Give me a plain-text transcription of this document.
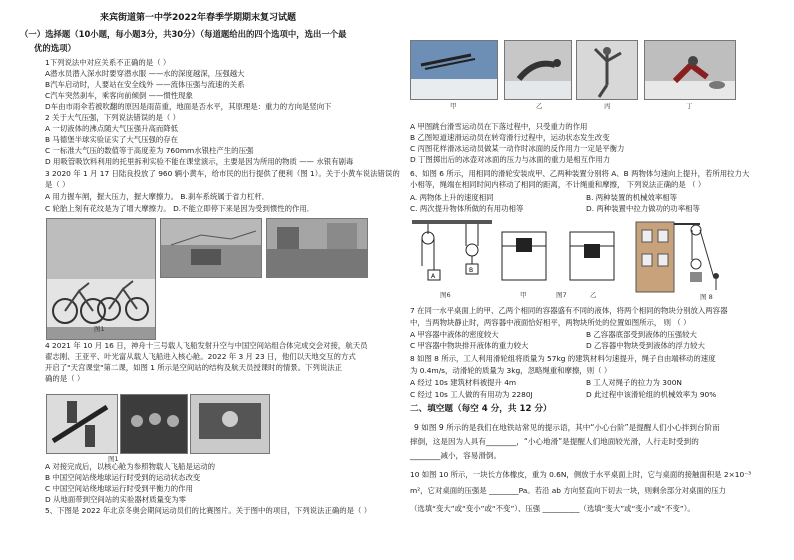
来宾街道第一中学2022年春季学期期末复习试题
（一）选择题（10小题，每小题3分，共30分）（每道题给出的四个选项中，选出一个最
优的选项）
1下列说法中对应关系不正确的是（ ）
A潜水员潜入深水时要穿潜水服 ——水的深度越深，压强越大
B汽车启动时，人要站在安全线外 ——流体压强与流速的关系
C汽车突然刹车，乘客向前倾倒 ——惯性现象
D车由市雨伞若被吹翻的原因是雨苗重，地面是否水平，其原理是：重力的方向是竖向下
2 关于大气压强，下列说法错误的是（ ）
A 一切液体的沸点随大气压强升高而降低
B 马德堡半球实验证实了大气压强的存在
C 一标准大气压的数值等于高度差为 760mm水银柱产生的压强
D 用吸管吸饮料利用的托里拆利实验不能在课堂演示，主要是因为所用的物质 —— 水银有剧毒
3 2020 年 1 月 17 日陆良投放了 960 辆小黄车，给市民的出行提供了便利（图 1）。关于小黄车说法错误的
是（ ）
A 用力握车闸，握大压力，握大摩擦力。 B.刹车系统属于省力杠杆．
C 轮胎上刻有花纹是为了增大摩擦力。 D.不能立即停下来是因为受到惯性的作用．
图1
4 2021 年 10 月 16 日，神舟十三号载人飞船发射升空与中国空间站组合体完成交会对接，航天员
翟志刚、王亚平、叶光富从载人飞船进入核心舱。2022 年 3 月 23 日，他们以天地交互的方式
开启了"天宫课堂"第二课，如图 1 所示是空间站的结构及航天员授课时的情景。下列说法正
确的是（ ）
图1
A 对接完成后，以核心舱为参照物载人飞船是运动的
B 中国空间站绕地球运行时受到的运动状态改变
C 中国空间站绕地球运行时受到平衡力的作用
D 从地面带到空间站的实验器材质量变为零
5、下图是 2022 年北京冬奥会期间运动员们的比赛图片。关于图中的项目，下列说法正确的是（ ）
甲	乙	丙	丁
A 甲图跳台滑雪运动员在下落过程中，只受重力的作用
B 乙图短道速滑运动员在转弯滑行过程中，运动状态发生改变
C 丙图花样滑冰运动员做某一动作时冰面的反作用力一定是平衡力
D 丁图掷出后的冰壶对冰面的压力与冰面的重力是相互作用力
6、如图 6 所示，用相同的滑轮安装成甲、乙两种装置分别将 A、B 两物体匀速向上提升，若所用拉力大
小相等，绳端在相同时间内移动了相同的距离，不计绳重和摩擦， 下列说法正确的是 （ ）
A. 两物体上升的速度相同	B. 两种装置的机械效率相等
C. 两次提升物体所做的有用功相等	D. 两种装置中拉力做功的功率相等
A
B
图6	甲	乙
图7	图 8
7 在同一水平桌面上的甲、乙两个相同的容器盛有不同的液体，将两个相同的物块分别放入两容器
中，当两物块静止时，两容器中液面恰好相平，两物块所处的位置如图所示， 则 （ ）
A 甲容器中液体的密度较大	B 乙容器底部受到液体的压强较大
C 甲容器中物块排开液体的重力较大	D 乙容器中物块受到液体的浮力较大
8 如图 8 所示，工人利用滑轮组将质量为 57kg 的建筑材料匀速提升，绳子自由端移动的速度
为 0.4m/s，动滑轮的质量为 3kg，忽略绳重和摩擦，则（ ）
A 经过 10s 建筑材料被提升 4m	B 工人对绳子的拉力为 300N
C 经过 10s 工人做的有用功为 2280J	D 此过程中该滑轮组的机械效率为 90%
二、填空题（每空 4 分，共 12 分）
9 如图 9 所示的是我们在地铁站常见的提示语，其中“小心台阶”是提醒人们小心拌到台阶而
摔倒，这是因为人具有________，“小心地滑”是提醒人们地面较光滑，人行走时受到的
________减小，容易滑倒。
10 如图 10 所示，一块长方体橡皮，重为 0.6N，侧放于水平桌面上时，它与桌面的接触面积是 2×10⁻³
m²，它对桌面的压强是 ________Pa。若沿 ab 方向竖直向下切去一块，则剩余部分对桌面的压力
（选填“变大”或“变小”或“不变”）、压强 __________（选填“变大”或“变小”或“不变”）。
